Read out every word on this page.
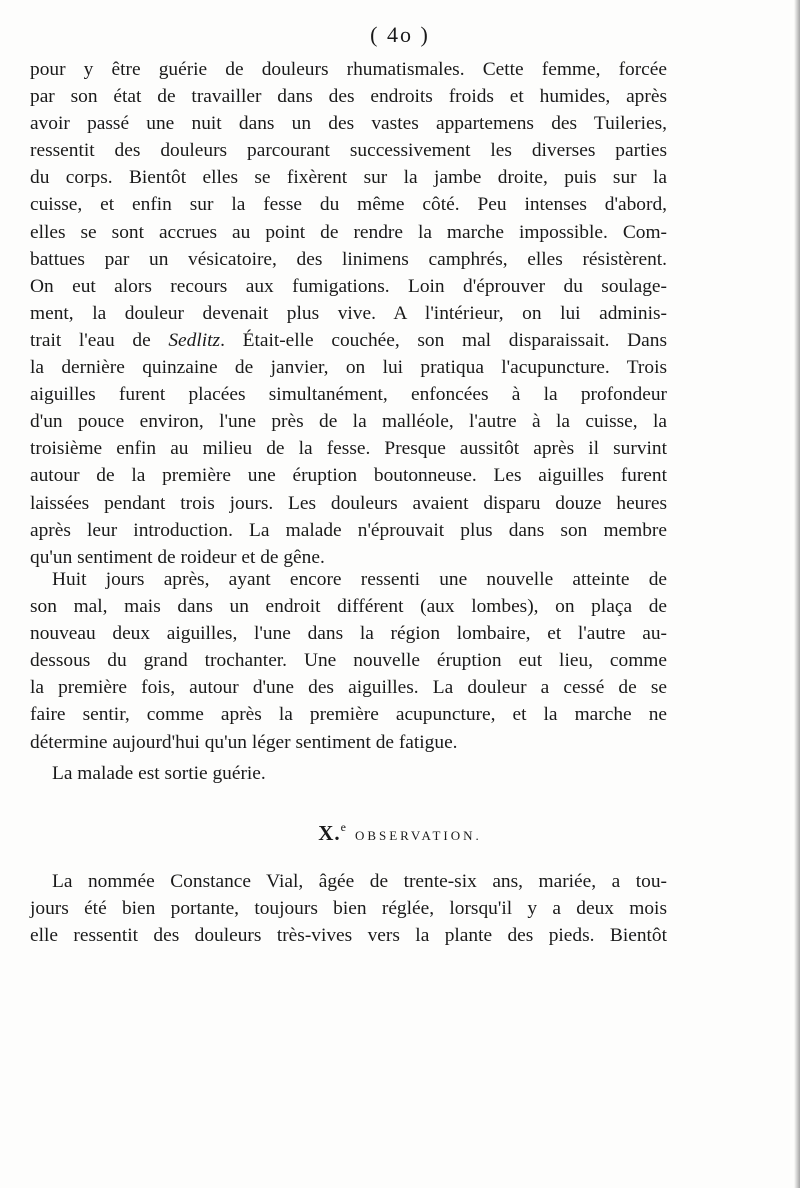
( 4o )
pour y être guérie de douleurs rhumatismales. Cette femme, forcée
par son état de travailler dans des endroits froids et humides, après
avoir passé une nuit dans un des vastes appartemens des Tuileries,
ressentit des douleurs parcourant successivement les diverses parties
du corps. Bientôt elles se fixèrent sur la jambe droite, puis sur la
cuisse, et enfin sur la fesse du même côté. Peu intenses d'abord,
elles se sont accrues au point de rendre la marche impossible. Com-
battues par un vésicatoire, des linimens camphrés, elles résistèrent.
On eut alors recours aux fumigations. Loin d'éprouver du soulage-
ment, la douleur devenait plus vive. A l'intérieur, on lui adminis-
trait l'eau de Sedlitz. Était-elle couchée, son mal disparaissait. Dans
la dernière quinzaine de janvier, on lui pratiqua l'acupuncture. Trois
aiguilles furent placées simultanément, enfoncées à la profondeur
d'un pouce environ, l'une près de la malléole, l'autre à la cuisse, la
troisième enfin au milieu de la fesse. Presque aussitôt après il survint
autour de la première une éruption boutonneuse. Les aiguilles furent
laissées pendant trois jours. Les douleurs avaient disparu douze heures
après leur introduction. La malade n'éprouvait plus dans son membre
qu'un sentiment de roideur et de gêne.
Huit jours après, ayant encore ressenti une nouvelle atteinte de
son mal, mais dans un endroit différent (aux lombes), on plaça de
nouveau deux aiguilles, l'une dans la région lombaire, et l'autre au-
dessous du grand trochanter. Une nouvelle éruption eut lieu, comme
la première fois, autour d'une des aiguilles. La douleur a cessé de se
faire sentir, comme après la première acupuncture, et la marche ne
détermine aujourd'hui qu'un léger sentiment de fatigue.
La malade est sortie guérie.
X.$^e$OBSERVATION.
La nommée Constance Vial, âgée de trente-six ans, mariée, a tou-
jours été bien portante, toujours bien réglée, lorsqu'il y a deux mois
elle ressentit des douleurs très-vives vers la plante des pieds. Bientôt
